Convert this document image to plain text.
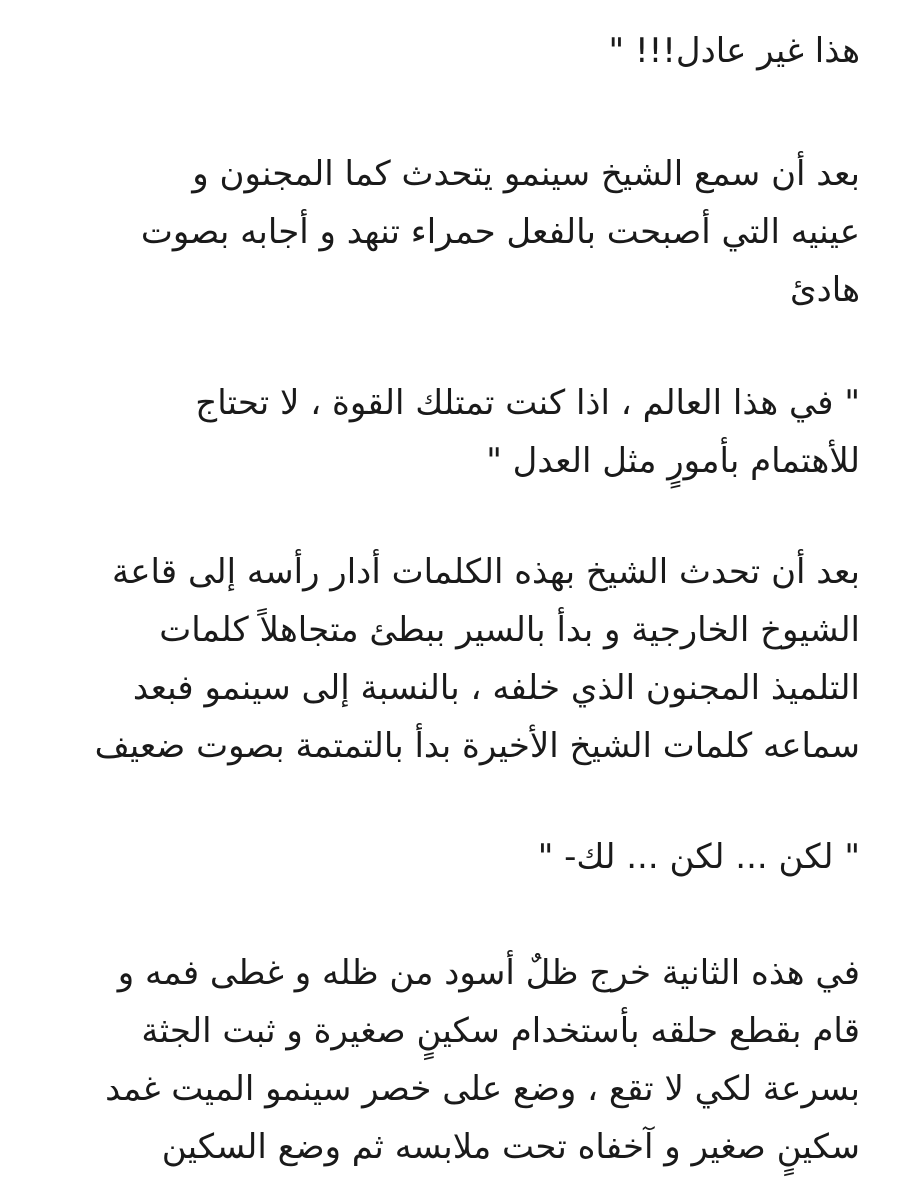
هذا غير عادل!!! "
بعد أن سمع الشيخ سينمو يتحدث كما المجنون و
عينيه التي أصبحت بالفعل حمراء تنهد و أجابه بصوت
هادئ
" في هذا العالم ، اذا كنت تمتلك القوة ، لا تحتاج
للأهتمام بأمورٍ مثل العدل "
بعد أن تحدث الشيخ بهذه الكلمات أدار رأسه إلى قاعة
الشيوخ الخارجية و بدأ بالسير ببطئ متجاهلاً كلمات
التلميذ المجنون الذي خلفه ، بالنسبة إلى سينمو فبعد
سماعه كلمات الشيخ الأخيرة بدأ بالتمتمة بصوت ضعيف
" لكن ... لكن ... لك- "
في هذه الثانية خرج ظلٌ أسود من ظله و غطى فمه و
قام بقطع حلقه بأستخدام سكينٍ صغيرة و ثبت الجثة
بسرعة لكي لا تقع ، وضع على خصر سينمو الميت غمد
سكينٍ صغير و آخفاه تحت ملابسه ثم وضع السكين
